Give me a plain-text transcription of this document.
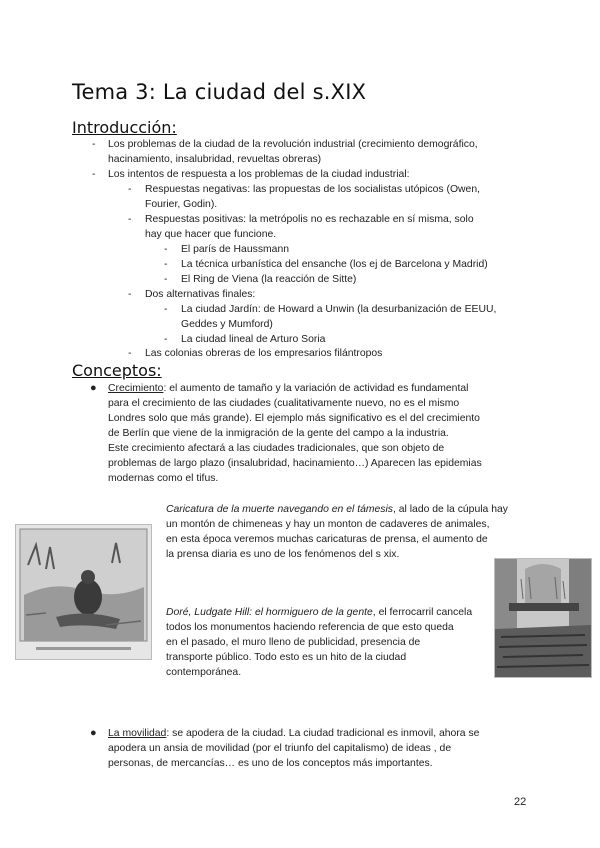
Tema 3: La ciudad del s.XIX
Introducción:
- Los problemas de la ciudad de la revolución industrial (crecimiento demográfico,
hacinamiento, insalubridad, revueltas obreras)
- Los intentos de respuesta a los problemas de la ciudad industrial:
- Respuestas negativas: las propuestas de los socialistas utópicos (Owen,
Fourier, Godin).
- Respuestas positivas: la metrópolis no es rechazable en sí misma, solo
hay que hacer que funcione.
- El parís de Haussmann
- La técnica urbanística del ensanche (los ej de Barcelona y Madrid)
- El Ring de Viena (la reacción de Sitte)
- Dos alternativas finales:
- La ciudad Jardín: de Howard a Unwin (la desurbanización de EEUU,
Geddes y Mumford)
- La ciudad lineal de Arturo Soria
- Las colonias obreras de los empresarios filántropos
Conceptos:
● Crecimiento: el aumento de tamaño y la variación de actividad es fundamental
para el crecimiento de las ciudades (cualitativamente nuevo, no es el mismo
Londres solo que más grande). El ejemplo más significativo es el del crecimiento
de Berlín que viene de la inmigración de la gente del campo a la industria.
Este crecimiento afectará a las ciudades tradicionales, que son objeto de
problemas de largo plazo (insalubridad, hacinamiento…) Aparecen las epidemias
modernas como el tifus.
Caricatura de la muerte navegando en el támesis, al lado de la cúpula hay
un montón de chimeneas y hay un monton de cadaveres de animales,
en esta época veremos muchas caricaturas de prensa, el aumento de
la prensa diaria es uno de los fenómenos del s xix.
Doré, Ludgate Hill: el hormiguero de la gente, el ferrocarril cancela
todos los monumentos haciendo referencia de que esto queda
en el pasado, el muro lleno de publicidad, presencia de
transporte público. Todo esto es un hito de la ciudad
contemporánea.
● La movilidad: se apodera de la ciudad. La ciudad tradicional es inmovil, ahora se
apodera un ansia de movilidad (por el triunfo del capitalismo) de ideas , de
personas, de mercancías… es uno de los conceptos más importantes.
22
